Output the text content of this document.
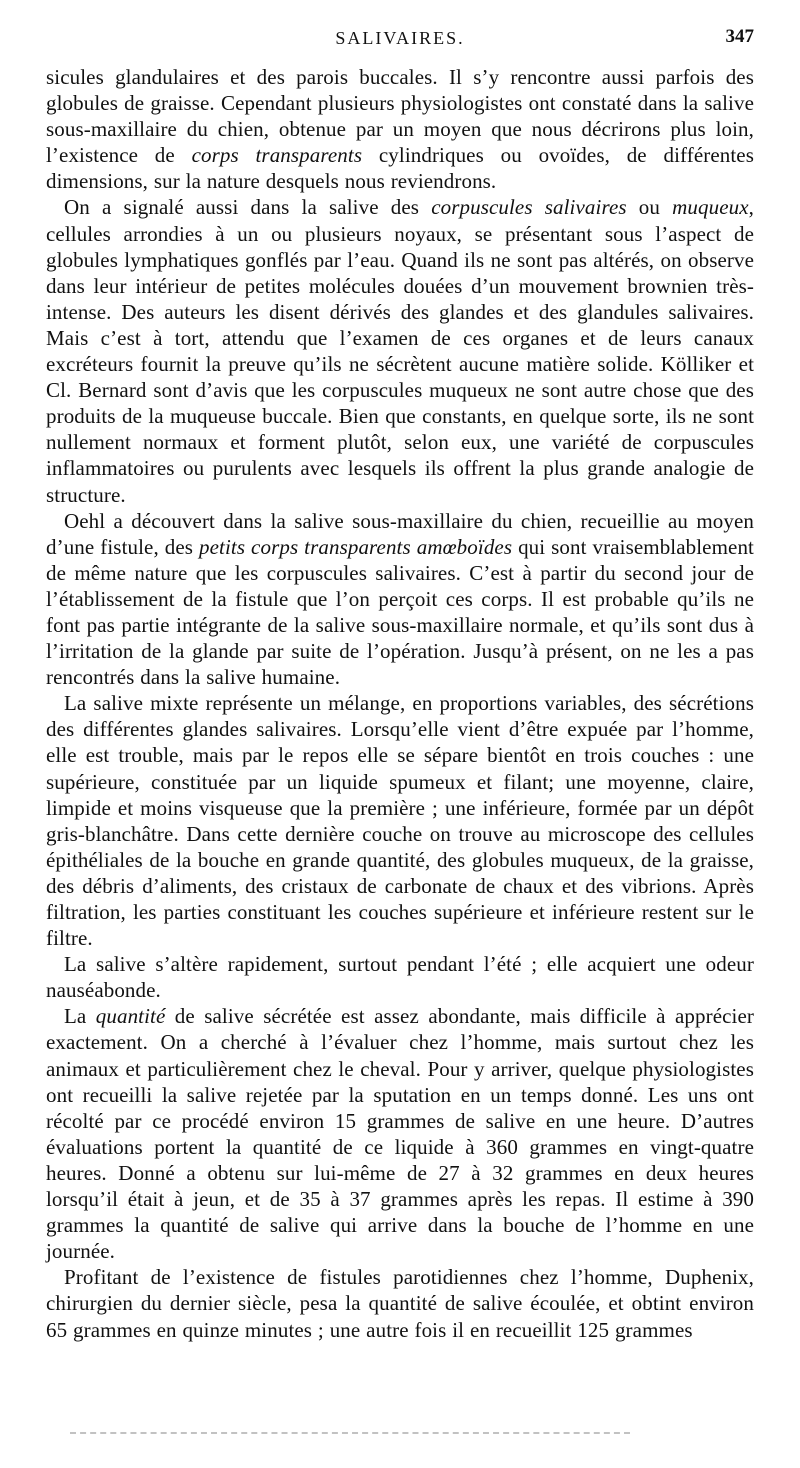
SALIVAIRES.	347

sicules glandulaires et des parois buccales. Il s’y rencontre aussi parfois des globules de graisse. Cependant plusieurs physiologistes ont constaté dans la salive sous-maxillaire du chien, obtenue par un moyen que nous décrirons plus loin, l’existence de corps transparents cylindriques ou ovoïdes, de différentes dimensions, sur la nature desquels nous reviendrons.

On a signalé aussi dans la salive des corpuscules salivaires ou muqueux, cellules arrondies à un ou plusieurs noyaux, se présentant sous l’aspect de globules lymphatiques gonflés par l’eau. Quand ils ne sont pas altérés, on observe dans leur intérieur de petites molécules douées d’un mouvement brownien très-intense. Des auteurs les disent dérivés des glandes et des glandules salivaires. Mais c’est à tort, attendu que l’examen de ces organes et de leurs canaux excréteurs fournit la preuve qu’ils ne sécrètent aucune matière solide. Kölliker et Cl. Bernard sont d’avis que les corpuscules muqueux ne sont autre chose que des produits de la muqueuse buccale. Bien que constants, en quelque sorte, ils ne sont nullement normaux et forment plutôt, selon eux, une variété de corpuscules inflammatoires ou purulents avec lesquels ils offrent la plus grande analogie de structure.

Oehl a découvert dans la salive sous-maxillaire du chien, recueillie au moyen d’une fistule, des petits corps transparents amœboïdes qui sont vraisemblablement de même nature que les corpuscules salivaires. C’est à partir du second jour de l’établissement de la fistule que l’on perçoit ces corps. Il est probable qu’ils ne font pas partie intégrante de la salive sous-maxillaire normale, et qu’ils sont dus à l’irritation de la glande par suite de l’opération. Jusqu’à présent, on ne les a pas rencontrés dans la salive humaine.

La salive mixte représente un mélange, en proportions variables, des sécrétions des différentes glandes salivaires. Lorsqu’elle vient d’être expuée par l’homme, elle est trouble, mais par le repos elle se sépare bientôt en trois couches : une supérieure, constituée par un liquide spumeux et filant; une moyenne, claire, limpide et moins visqueuse que la première ; une inférieure, formée par un dépôt gris-blanchâtre. Dans cette dernière couche on trouve au microscope des cellules épithéliales de la bouche en grande quantité, des globules muqueux, de la graisse, des débris d’aliments, des cristaux de carbonate de chaux et des vibrions. Après filtration, les parties constituant les couches supérieure et inférieure restent sur le filtre.

La salive s’altère rapidement, surtout pendant l’été ; elle acquiert une odeur nauséabonde.

La quantité de salive sécrétée est assez abondante, mais difficile à apprécier exactement. On a cherché à l’évaluer chez l’homme, mais surtout chez les animaux et particulièrement chez le cheval. Pour y arriver, quelque physiologistes ont recueilli la salive rejetée par la sputation en un temps donné. Les uns ont récolté par ce procédé environ 15 grammes de salive en une heure. D’autres évaluations portent la quantité de ce liquide à 360 grammes en vingt-quatre heures. Donné a obtenu sur lui-même de 27 à 32 grammes en deux heures lorsqu’il était à jeun, et de 35 à 37 grammes après les repas. Il estime à 390 grammes la quantité de salive qui arrive dans la bouche de l’homme en une journée.

Profitant de l’existence de fistules parotidiennes chez l’homme, Duphenix, chirurgien du dernier siècle, pesa la quantité de salive écoulée, et obtint environ 65 grammes en quinze minutes ; une autre fois il en recueillit 125 grammes
